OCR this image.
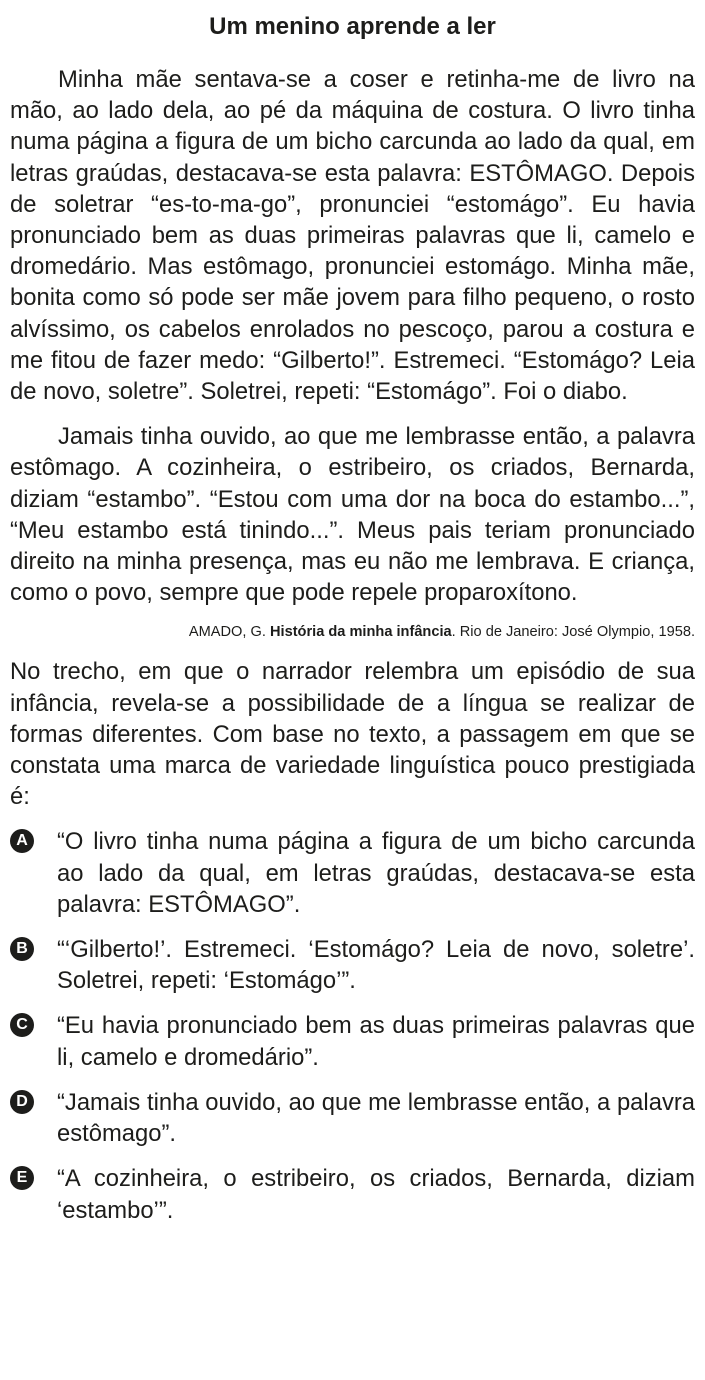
Um menino aprende a ler

Minha mãe sentava-se a coser e retinha-me de livro na mão, ao lado dela, ao pé da máquina de costura. O livro tinha numa página a figura de um bicho carcunda ao lado da qual, em letras graúdas, destacava-se esta palavra: ESTÔMAGO. Depois de soletrar “es-to-ma-go”, pronunciei “estomágo”. Eu havia pronunciado bem as duas primeiras palavras que li, camelo e dromedário. Mas estômago, pronunciei estomágo. Minha mãe, bonita como só pode ser mãe jovem para filho pequeno, o rosto alvíssimo, os cabelos enrolados no pescoço, parou a costura e me fitou de fazer medo: “Gilberto!”. Estremeci. “Estomágo? Leia de novo, soletre”. Soletrei, repeti: “Estomágo”. Foi o diabo.

Jamais tinha ouvido, ao que me lembrasse então, a palavra estômago. A cozinheira, o estribeiro, os criados, Bernarda, diziam “estambo”. “Estou com uma dor na boca do estambo...”, “Meu estambo está tinindo...”. Meus pais teriam pronunciado direito na minha presença, mas eu não me lembrava. E criança, como o povo, sempre que pode repele proparoxítono.

AMADO, G. História da minha infância. Rio de Janeiro: José Olympio, 1958.
No trecho, em que o narrador relembra um episódio de sua infância, revela-se a possibilidade de a língua se realizar de formas diferentes. Com base no texto, a passagem em que se constata uma marca de variedade linguística pouco prestigiada é:
A “O livro tinha numa página a figura de um bicho carcunda ao lado da qual, em letras graúdas, destacava-se esta palavra: ESTÔMAGO”.
B “‘Gilberto!’. Estremeci. ‘Estomágo? Leia de novo, soletre’. Soletrei, repeti: ‘Estomágo’”.
C “Eu havia pronunciado bem as duas primeiras palavras que li, camelo e dromedário”.
D “Jamais tinha ouvido, ao que me lembrasse então, a palavra estômago”.
E “A cozinheira, o estribeiro, os criados, Bernarda, diziam ‘estambo’”.
